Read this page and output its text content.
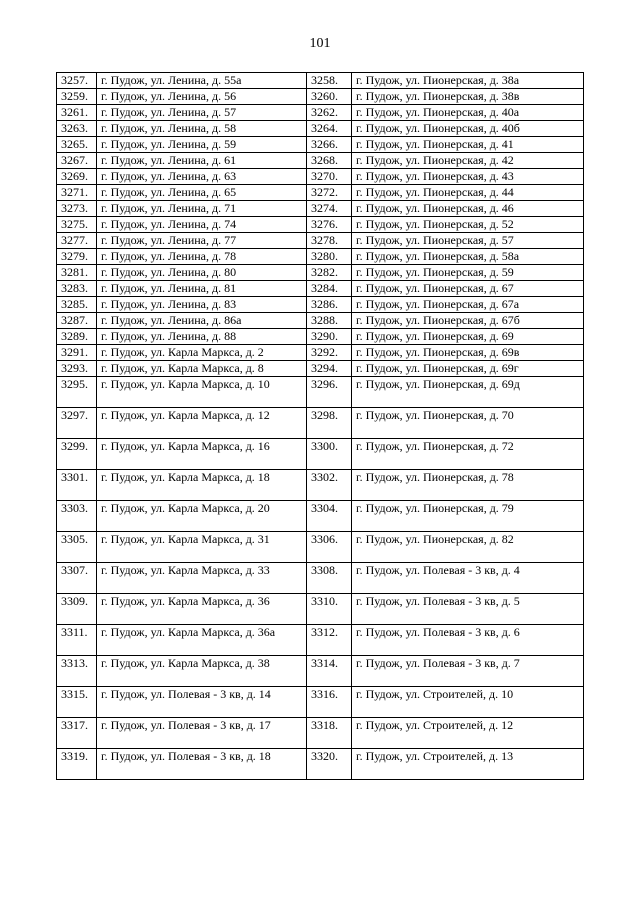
101
3257.	г. Пудож, ул. Ленина, д. 55а	3258.	г. Пудож, ул. Пионерская, д. 38а
3259.	г. Пудож, ул. Ленина, д. 56	3260.	г. Пудож, ул. Пионерская, д. 38в
3261.	г. Пудож, ул. Ленина, д. 57	3262.	г. Пудож, ул. Пионерская, д. 40а
3263.	г. Пудож, ул. Ленина, д. 58	3264.	г. Пудож, ул. Пионерская, д. 40б
3265.	г. Пудож, ул. Ленина, д. 59	3266.	г. Пудож, ул. Пионерская, д. 41
3267.	г. Пудож, ул. Ленина, д. 61	3268.	г. Пудож, ул. Пионерская, д. 42
3269.	г. Пудож, ул. Ленина, д. 63	3270.	г. Пудож, ул. Пионерская, д. 43
3271.	г. Пудож, ул. Ленина, д. 65	3272.	г. Пудож, ул. Пионерская, д. 44
3273.	г. Пудож, ул. Ленина, д. 71	3274.	г. Пудож, ул. Пионерская, д. 46
3275.	г. Пудож, ул. Ленина, д. 74	3276.	г. Пудож, ул. Пионерская, д. 52
3277.	г. Пудож, ул. Ленина, д. 77	3278.	г. Пудож, ул. Пионерская, д. 57
3279.	г. Пудож, ул. Ленина, д. 78	3280.	г. Пудож, ул. Пионерская, д. 58а
3281.	г. Пудож, ул. Ленина, д. 80	3282.	г. Пудож, ул. Пионерская, д. 59
3283.	г. Пудож, ул. Ленина, д. 81	3284.	г. Пудож, ул. Пионерская, д. 67
3285.	г. Пудож, ул. Ленина, д. 83	3286.	г. Пудож, ул. Пионерская, д. 67а
3287.	г. Пудож, ул. Ленина, д. 86а	3288.	г. Пудож, ул. Пионерская, д. 67б
3289.	г. Пудож, ул. Ленина, д. 88	3290.	г. Пудож, ул. Пионерская, д. 69
3291.	г. Пудож, ул. Карла Маркса, д. 2	3292.	г. Пудож, ул. Пионерская, д. 69в
3293.	г. Пудож, ул. Карла Маркса, д. 8	3294.	г. Пудож, ул. Пионерская, д. 69г
3295.	г. Пудож, ул. Карла Маркса, д. 10	3296.	г. Пудож, ул. Пионерская, д. 69д
3297.	г. Пудож, ул. Карла Маркса, д. 12	3298.	г. Пудож, ул. Пионерская, д. 70
3299.	г. Пудож, ул. Карла Маркса, д. 16	3300.	г. Пудож, ул. Пионерская, д. 72
3301.	г. Пудож, ул. Карла Маркса, д. 18	3302.	г. Пудож, ул. Пионерская, д. 78
3303.	г. Пудож, ул. Карла Маркса, д. 20	3304.	г. Пудож, ул. Пионерская, д. 79
3305.	г. Пудож, ул. Карла Маркса, д. 31	3306.	г. Пудож, ул. Пионерская, д. 82
3307.	г. Пудож, ул. Карла Маркса, д. 33	3308.	г. Пудож, ул. Полевая - 3 кв, д. 4
3309.	г. Пудож, ул. Карла Маркса, д. 36	3310.	г. Пудож, ул. Полевая - 3 кв, д. 5
3311.	г. Пудож, ул. Карла Маркса, д. 36а	3312.	г. Пудож, ул. Полевая - 3 кв, д. 6
3313.	г. Пудож, ул. Карла Маркса, д. 38	3314.	г. Пудож, ул. Полевая - 3 кв, д. 7
3315.	г. Пудож, ул. Полевая - 3 кв, д. 14	3316.	г. Пудож, ул. Строителей, д. 10
3317.	г. Пудож, ул. Полевая - 3 кв, д. 17	3318.	г. Пудож, ул. Строителей, д. 12
3319.	г. Пудож, ул. Полевая - 3 кв, д. 18	3320.	г. Пудож, ул. Строителей, д. 13
